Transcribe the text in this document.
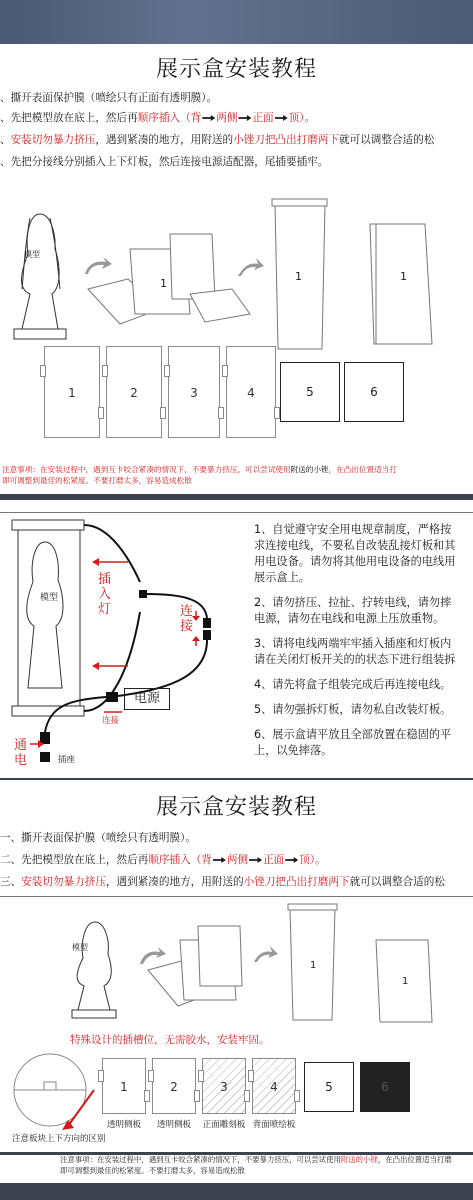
展示盒安装教程
、撕开表面保护膜（喷绘只有正面有透明膜）。
、先把模型放在底上，然后再顺序插入（背 两侧 正面 顶）。
、安装切勿暴力挤压，遇到紧凑的地方，用附送的小锉刀把凸出打磨两下就可以调整合适的松
、先把分接线分别插入上下灯板，然后连接电源适配器，尾插要插牢。
模型
1
1	1
1	2	3	4	5	6
注意事项：在安装过程中，遇到互卡咬合紧凑的情况下，不要暴力挤压，可以尝试使用附送的小锉，在凸出位置适当打
即可调整到最佳的松紧度。不要打磨太多，容易造成松散
模型
插入灯	连接
电源
连接
通电	插座

1、自觉遵守安全用电规章制度，严格按
求连接电线，不要私自改装乱接灯板和其
用电设备。请勿将其他用电设备的电线用
展示盒上。

2、请勿挤压、拉扯、拧转电线，请勿摔
电源，请勿在电线和电源上压放重物。

3、请将电线两端牢牢插入插座和灯板内
请在关闭灯板开关的的状态下进行组装拆

4、请先将盒子组装完成后再连接电线。

5、请勿强拆灯板，请勿私自改装灯板。

6、展示盒请平放且全部放置在稳固的平
上，以免摔落。

展示盒安装教程
一、撕开表面保护膜（喷绘只有透明膜）。
二、先把模型放在底上，然后再顺序插入（背 两侧 正面 顶）。
三、安装切勿暴力挤压，遇到紧凑的地方，用附送的小锉刀把凸出打磨两下就可以调整合适的松
模型
1
1
特殊设计的插槽位，无需胶水，安装牢固。
注意板块上下方向的区别
1	2	3	4	5	6
透明侧板	透明侧板	正面雕刻板 背面喷绘板
注意事项：在安装过程中，遇到互卡咬合紧凑的情况下，不要暴力挤压，可以尝试使用附送的小锉，在凸出位置适当打磨
即可调整到最佳的松紧度。不要打磨太多，容易造成松散
